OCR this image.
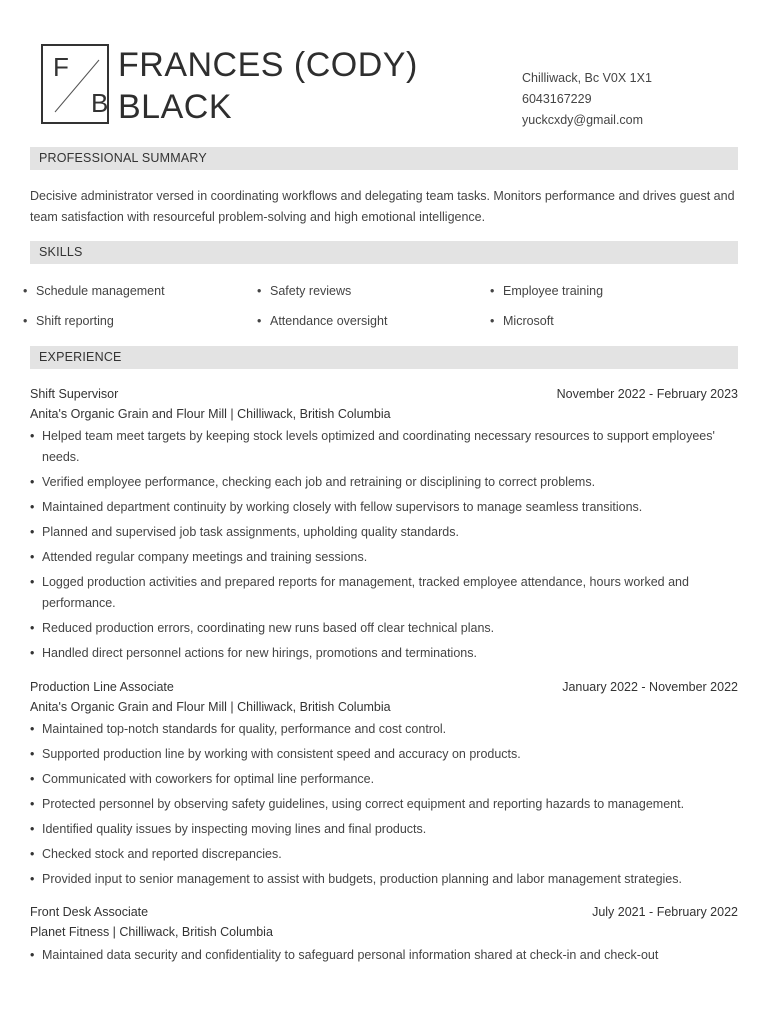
F
B
FRANCES (CODY)
BLACK
Chilliwack, Bc V0X 1X1
6043167229
yuckcxdy@gmail.com
PROFESSIONAL SUMMARY
Decisive administrator versed in coordinating workflows and delegating team tasks. Monitors performance and drives guest and team satisfaction with resourceful problem-solving and high emotional intelligence.
SKILLS
• Schedule management	• Safety reviews	• Employee training
• Shift reporting	• Attendance oversight	• Microsoft
EXPERIENCE
Shift Supervisor	November 2022 - February 2023
Anita's Organic Grain and Flour Mill | Chilliwack, British Columbia
• Helped team meet targets by keeping stock levels optimized and coordinating necessary resources to support employees' needs.
• Verified employee performance, checking each job and retraining or disciplining to correct problems.
• Maintained department continuity by working closely with fellow supervisors to manage seamless transitions.
• Planned and supervised job task assignments, upholding quality standards.
• Attended regular company meetings and training sessions.
• Logged production activities and prepared reports for management, tracked employee attendance, hours worked and performance.
• Reduced production errors, coordinating new runs based off clear technical plans.
• Handled direct personnel actions for new hirings, promotions and terminations.
Production Line Associate	January 2022 - November 2022
Anita's Organic Grain and Flour Mill | Chilliwack, British Columbia
• Maintained top-notch standards for quality, performance and cost control.
• Supported production line by working with consistent speed and accuracy on products.
• Communicated with coworkers for optimal line performance.
• Protected personnel by observing safety guidelines, using correct equipment and reporting hazards to management.
• Identified quality issues by inspecting moving lines and final products.
• Checked stock and reported discrepancies.
• Provided input to senior management to assist with budgets, production planning and labor management strategies.
Front Desk Associate	July 2021 - February 2022
Planet Fitness | Chilliwack, British Columbia
• Maintained data security and confidentiality to safeguard personal information shared at check-in and check-out
